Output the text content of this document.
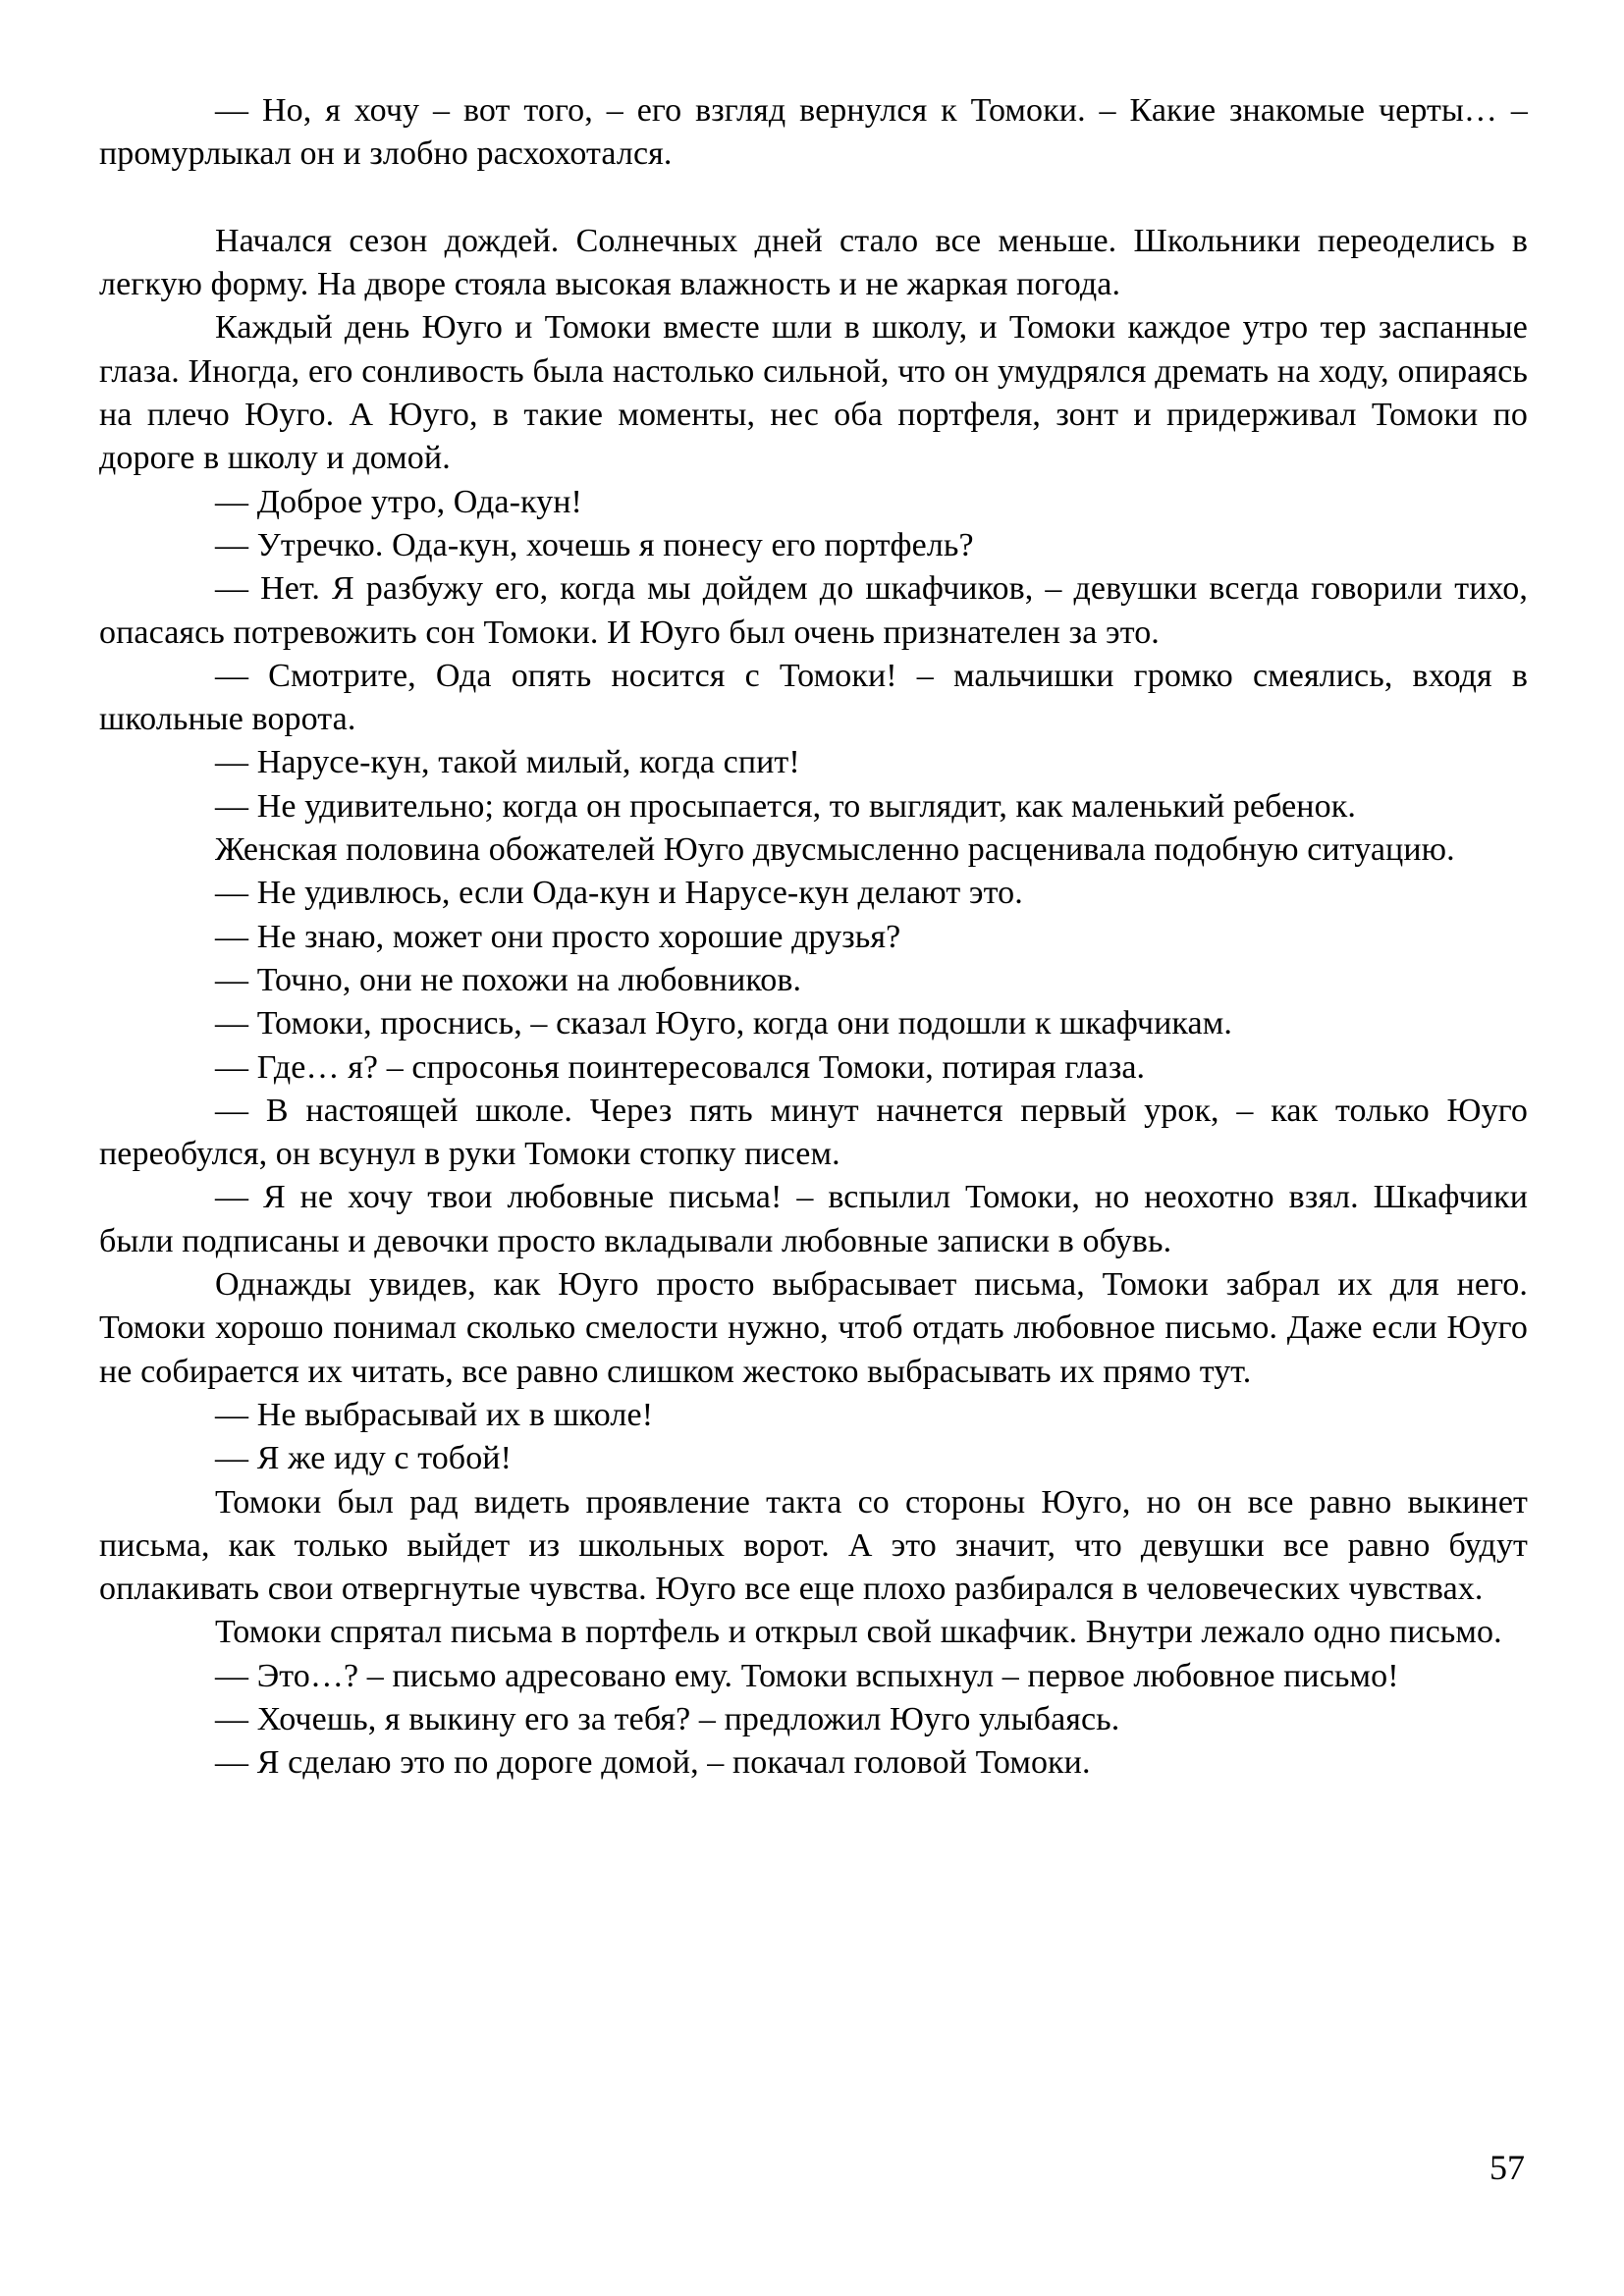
— Но, я хочу – вот того, – его взгляд вернулся к Томоки. – Какие знакомые черты… – промурлыкал он и злобно расхохотался.

Начался сезон дождей. Солнечных дней стало все меньше. Школьники переоделись в легкую форму. На дворе стояла высокая влажность и не жаркая погода.

Каждый день Юуго и Томоки вместе шли в школу, и Томоки каждое утро тер заспанные глаза. Иногда, его сонливость была настолько сильной, что он умудрялся дремать на ходу, опираясь на плечо Юуго. А Юуго, в такие моменты, нес оба портфеля, зонт и придерживал Томоки по дороге в школу и домой.

— Доброе утро, Ода-кун!

— Утречко. Ода-кун, хочешь я понесу его портфель?

— Нет. Я разбужу его, когда мы дойдем до шкафчиков, – девушки всегда говорили тихо, опасаясь потревожить сон Томоки. И Юуго был очень признателен за это.

— Смотрите, Ода опять носится с Томоки! – мальчишки громко смеялись, входя в школьные ворота.

— Нарусе-кун, такой милый, когда спит!

— Не удивительно; когда он просыпается, то выглядит, как маленький ребенок.

Женская половина обожателей Юуго двусмысленно расценивала подобную ситуацию.

— Не удивлюсь, если Ода-кун и Нарусе-кун делают это.

— Не знаю, может они просто хорошие друзья?

— Точно, они не похожи на любовников.

— Томоки, проснись, – сказал Юуго, когда они подошли к шкафчикам.

— Где… я? – спросонья поинтересовался Томоки, потирая глаза.

— В настоящей школе. Через пять минут начнется первый урок, – как только Юуго переобулся, он всунул в руки Томоки стопку писем.

— Я не хочу твои любовные письма! – вспылил Томоки, но неохотно взял. Шкафчики были подписаны и девочки просто вкладывали любовные записки в обувь.

Однажды увидев, как Юуго просто выбрасывает письма, Томоки забрал их для него. Томоки хорошо понимал сколько смелости нужно, чтоб отдать любовное письмо. Даже если Юуго не собирается их читать, все равно слишком жестоко выбрасывать их прямо тут.

— Не выбрасывай их в школе!

— Я же иду с тобой!

Томоки был рад видеть проявление такта со стороны Юуго, но он все равно выкинет письма, как только выйдет из школьных ворот. А это значит, что девушки все равно будут оплакивать свои отвергнутые чувства. Юуго все еще плохо разбирался в человеческих чувствах.

Томоки спрятал письма в портфель и открыл свой шкафчик. Внутри лежало одно письмо.

— Это…? – письмо адресовано ему. Томоки вспыхнул – первое любовное письмо!

— Хочешь, я выкину его за тебя? – предложил Юуго улыбаясь.

— Я сделаю это по дороге домой, – покачал головой Томоки.

57
